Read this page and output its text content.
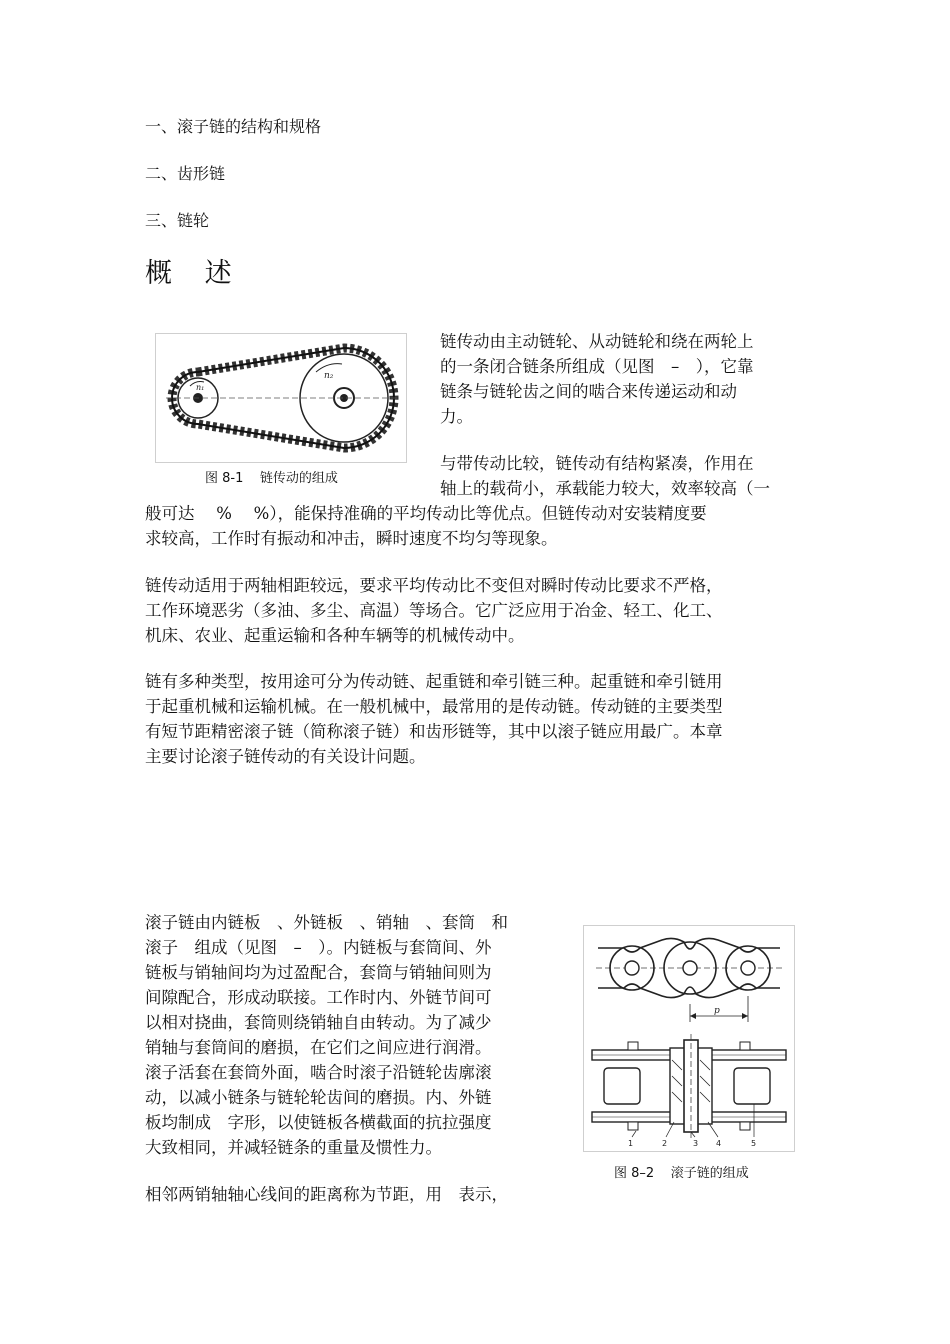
一、滚子链的结构和规格
二、齿形链
三、链轮
概 述
n₂
n₁
图 8-1 链传动的组成
链传动由主动链轮、从动链轮和绕在两轮上
的一条闭合链条所组成（见图　–　），它靠
链条与链轮齿之间的啮合来传递运动和动
力。
与带传动比较，链传动有结构紧凑，作用在
轴上的载荷小，承载能力较大，效率较高（一
般可达　 %　 %），能保持准确的平均传动比等优点。但链传动对安装精度要
求较高，工作时有振动和冲击，瞬时速度不均匀等现象。
链传动适用于两轴相距较远，要求平均传动比不变但对瞬时传动比要求不严格，
工作环境恶劣（多油、多尘、高温）等场合。它广泛应用于冶金、轻工、化工、
机床、农业、起重运输和各种车辆等的机械传动中。
链有多种类型，按用途可分为传动链、起重链和牵引链三种。起重链和牵引链用
于起重机械和运输机械。在一般机械中，最常用的是传动链。传动链的主要类型
有短节距精密滚子链（简称滚子链）和齿形链等，其中以滚子链应用最广。本章
主要讨论滚子链传动的有关设计问题。
滚子链由内链板　、外链板　、销轴　、套筒　和
滚子　组成（见图　–　）。内链板与套筒间、外
链板与销轴间均为过盈配合，套筒与销轴间则为
间隙配合，形成动联接。工作时内、外链节间可
以相对挠曲，套筒则绕销轴自由转动。为了减少
销轴与套筒间的磨损，在它们之间应进行润滑。
滚子活套在套筒外面，啮合时滚子沿链轮齿廓滚
动，以减小链条与链轮轮齿间的磨损。内、外链
板均制成　字形，以使链板各横截面的抗拉强度
大致相同，并减轻链条的重量及惯性力。
p
1	2	3 4	5
图 8–2 滚子链的组成
相邻两销轴轴心线间的距离称为节距，用　表示，
